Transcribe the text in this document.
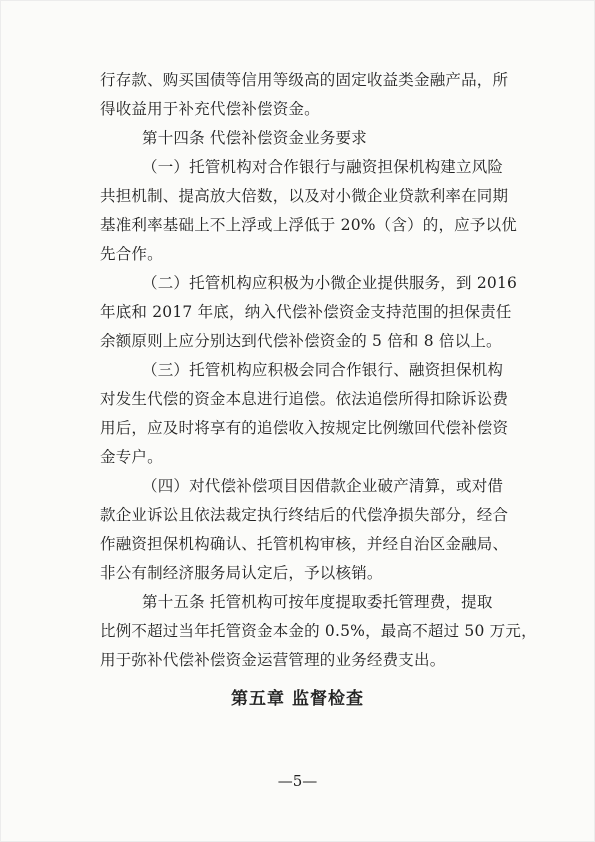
行存款、购买国债等信用等级高的固定收益类金融产品，所
得收益用于补充代偿补偿资金。
第十四条 代偿补偿资金业务要求
（一）托管机构对合作银行与融资担保机构建立风险
共担机制、提高放大倍数，以及对小微企业贷款利率在同期
基准利率基础上不上浮或上浮低于 20%（含）的，应予以优
先合作。
（二）托管机构应积极为小微企业提供服务，到 2016
年底和 2017 年底，纳入代偿补偿资金支持范围的担保责任
余额原则上应分别达到代偿补偿资金的 5 倍和 8 倍以上。
（三）托管机构应积极会同合作银行、融资担保机构
对发生代偿的资金本息进行追偿。依法追偿所得扣除诉讼费
用后，应及时将享有的追偿收入按规定比例缴回代偿补偿资
金专户。
（四）对代偿补偿项目因借款企业破产清算，或对借
款企业诉讼且依法裁定执行终结后的代偿净损失部分，经合
作融资担保机构确认、托管机构审核，并经自治区金融局、
非公有制经济服务局认定后，予以核销。
第十五条 托管机构可按年度提取委托管理费，提取
比例不超过当年托管资金本金的 0.5%，最高不超过 50 万元，
用于弥补代偿补偿资金运营管理的业务经费支出。
第五章 监督检查
—5—
